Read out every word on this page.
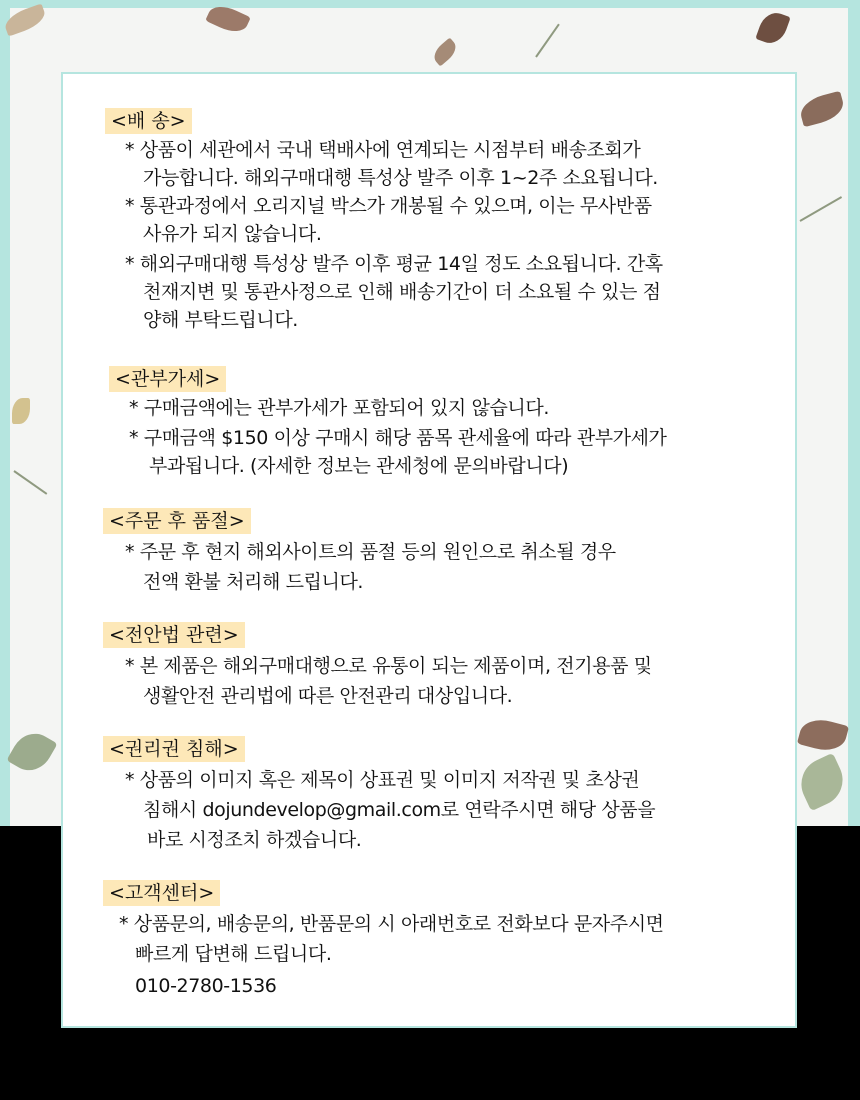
<배 송>
* 상품이 세관에서 국내 택배사에 연계되는 시점부터 배송조회가
가능합니다. 해외구매대행 특성상 발주 이후 1~2주 소요됩니다.
* 통관과정에서 오리지널 박스가 개봉될 수 있으며, 이는 무사반품
사유가 되지 않습니다.
* 해외구매대행 특성상 발주 이후 평균 14일 정도 소요됩니다. 간혹
천재지변 및 통관사정으로 인해 배송기간이 더 소요될 수 있는 점
양해 부탁드립니다.
<관부가세>
* 구매금액에는 관부가세가 포함되어 있지 않습니다.
* 구매금액 $150 이상 구매시 해당 품목 관세율에 따라 관부가세가
부과됩니다. (자세한 정보는 관세청에 문의바랍니다)
<주문 후 품절>
* 주문 후 현지 해외사이트의 품절 등의 원인으로 취소될 경우
전액 환불 처리해 드립니다.
<전안법 관련>
* 본 제품은 해외구매대행으로 유통이 되는 제품이며, 전기용품 및
생활안전 관리법에 따른 안전관리 대상입니다.
<권리권 침해>
* 상품의 이미지 혹은 제목이 상표권 및 이미지 저작권 및 초상권
침해시 dojundevelop@gmail.com로 연락주시면 해당 상품을
바로 시정조치 하겠습니다.
<고객센터>
* 상품문의, 배송문의, 반품문의 시 아래번호로 전화보다 문자주시면
빠르게 답변해 드립니다.
010-2780-1536
